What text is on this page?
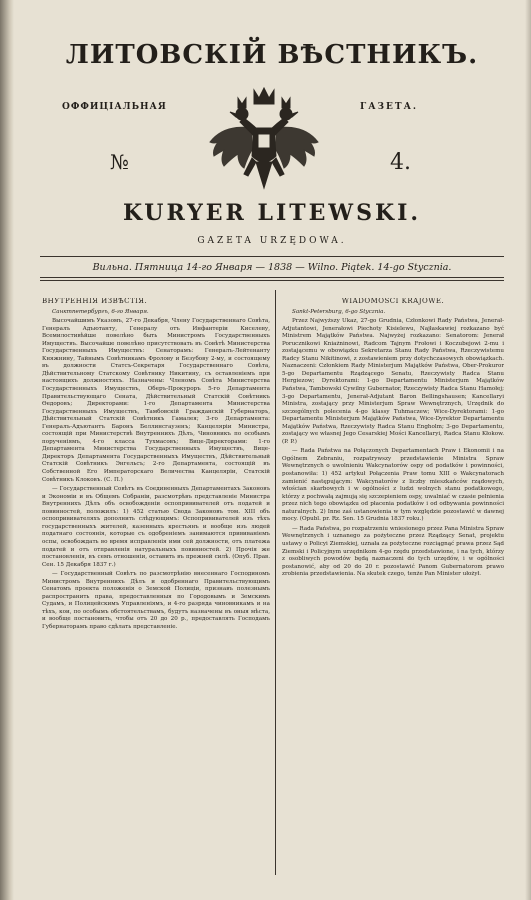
ЛИТОВСКІЙ ВѢСТНИКЪ.
ОФФИЦІАЛЬНАЯ	ГАЗЕТА.
№	4.
KURYER LITEWSKI.
GAZETA URZĘDOWA.
Вильна. Пятница 14-го Января — 1838 — Wilno. Piątek. 14-go Stycznia.
ВНУТРЕННІЯ ИЗВѢСТІЯ.

Санктпетербургъ, 6-го Января.

Высочайшимъ Указомъ, 27-го Декабря, Члену Государственнаго Совѣта, Генералъ Адъютанту, Генералу отъ Инфантеріи Киселеву, Всемилостивѣйше повелѣно быть Министромъ Государственныхъ Имуществъ. Высочайше повелѣно присутствовать въ Совѣтѣ Министерства Государственныхъ Имуществъ: Сенаторамъ: Генералъ-Лейтенанту Княжнину, Тайнымъ Совѣтникамъ Фролову и Безубову 2-му, и состоящему въ должности Статсъ-Секретаря Государственнаго Совѣта, Дѣйствительному Статскому Совѣтнику Никитину, съ оставленіемъ при настоящихъ должностяхъ. Назначены: Членомъ Совѣта Министерства Государственныхъ Имуществъ, Оберъ-Прокуроръ 5-го Департамента Правительствующаго Сената, Дѣйствительный Статскій Совѣтникъ Ѳедоровъ; Директорами: 1-го Департамента Министерства Государственныхъ Имуществъ, Тамбовскій Гражданскій Губернаторъ, Дѣйствительный Статскій Совѣтникъ Гамалея; 3-го Департамента: Генералъ-Адъютантъ Баронъ Беллинсгаузенъ; Канцеляріи Министра, состоящій при Министерствѣ Внутреннихъ Дѣлъ, Чиновникъ по особымъ порученіямъ, 4-го класса Тухмасовъ; Вице-Директорами: 1-го Департамента Министерства Государственныхъ Имуществъ, Вице-Директоръ Департамента Государственныхъ Имуществъ, Дѣйствительный Статскій Совѣтникъ Энгельсъ; 2-го Департамента, состоящій въ Собственной Его Императорскаго Величества Канцеляріи, Статскій Совѣтникъ Клоковъ. (С. П.)

— Государственный Совѣтъ въ Соединенныхъ Департаментахъ Законовъ и Экономіи и въ Общемъ Собраніи, разсмотрѣвъ представленіе Министра Внутреннихъ Дѣлъ объ освобожденіи оспопрививателей отъ податей и повинностей, положилъ: 1) 452 статью Свода Законовъ том. XIII объ оспопрививателяхъ дополнить слѣдующимъ: Оспопрививателей изъ тѣхъ государственныхъ жителей, казенныхъ крестьянъ и вообще изъ людей податнаго состоянія, которые съ одобреніемъ занимаются прививаніемъ оспы, освобождать во время исправленія ими сей должности, отъ платежа податей и отъ отправленія натуральныхъ повинностей. 2) Прочія же постановленія, въ семъ отношеніи, оставить въ прежней силѣ. (Опуб. Прав. Сен. 15 Декабря 1837 г.)

— Государственный Совѣтъ по разсмотрѣнію внесеннаго Господиномъ Министромъ Внутреннихъ Дѣлъ и одобреннаго Правительствующимъ Сенатомъ проекта положенія о Земской Полиціи, признавъ полезнымъ распространить права, предоставленныя по Городовымъ и Земскимъ Судамъ, и Полицейскимъ Управленіямъ, и 4-го разряда чиновникамъ и на тѣхъ, кои, по особымъ обстоятельствамъ, будутъ назначены въ оныя мѣста, и вообще постановить, чтобы отъ 20 до 20 р., предоставлять Господамъ Губернаторамъ право сдѣлать представленіе.

WIADOMOŚCI KRAJOWE.

Sankt-Petersburg, 6-go Stycznia.

Przez Najwyższy Ukaz, 27-go Grudnia, Członkowi Rady Państwa, Jenerał-Adjutantowi, Jenerałowi Piechoty Kisielewu, Najłaskawiej rozkazano być Ministrem Majątków Państwa. Najwyżej rozkazano: Senatorom: Jenerał Porucznikowi Kniażninowi, Radcom Tajnym Frołowi i Koczubejowi 2-mu i zostającemu w obowiązku Sekretarza Stanu Rady Państwa, Rzeczywistemu Radcy Stanu Nikitinowi, z zostawieniem przy dotychczasowych obowiązkach. Naznaczeni: Członkiem Rady Ministerjum Majątków Państwa, Ober-Prokuror 5-go Departamentu Rządzącego Senatu, Rzeczywisty Radca Stanu Hergiezow; Dyrektorami: 1-go Departamentu Ministerjum Majątków Państwa, Tambowski Cywilny Gubernator, Rzeczywisty Radca Stanu Hamołej; 3-go Departamentu, Jenerał-Adjutant Baron Bellingshausen; Kancellaryi Ministra, zostający przy Ministerjum Spraw Wewnętrznych, Urzędnik do szczególnych polecenia 4-go klassy Tuhmaczew; Wice-Dyrektorami: 1-go Departamentu Ministerjum Majątków Państwa, Wice-Dyrektor Departamentu Majątków Państwa, Rzeczywisty Radca Stanu Engholm; 3-go Departamentu, zostający we własnej Jego Cesarskiej Mości Kancellaryi, Radca Stanu Kłokow. (P. P.)

— Rada Państwa na Połączonych Departamentach Praw i Ekonomii i na Ogólnem Zebraniu, rozpatrywszy przedstawienie Ministra Spraw Wewnętrznych o uwolnieniu Wakcynatorów ospy od podatków i powinności, postanowiła: 1) 452 artykuł Połączenia Praw tomu XIII o Wakcynatorach zamienić następującym: Wakcynatorów z liczby mieszkańców rządowych, włościan skarbowych i w ogólności z ludzi wolnych stanu podatkowego, którzy z pochwałą zajmują się szczepieniem ospy, uwalniać w czasie pełnienia przez nich tego obowiązku od płacenia podatków i od odbywania powinności naturalnych. 2) Inne zaś ustanowienia w tym względzie pozostawić w dawnej mocy. (Opubl. pr. Rz. Sen. 15 Grudnia 1837 roku.)

— Rada Państwa, po rozpatrzeniu wniesionego przez Pana Ministra Spraw Wewnętrznych i uznanego za pożyteczne przez Rządzący Senat, projektu ustawy o Policyi Ziemskiej, uznała za pożyteczne rozciągnąć prawa przez Sąd Ziemski i Policyjnym urzędnikom 4-go rzędu przedstawione, i na tych, którzy z osobliwych powodów będą naznaczeni do tych urzędów, i w ogólności postanowić, aby od 20 do 20 r. pozostawić Panom Gubernatorom prawo zrobienia przedstawienia. Na skutek czego, tenże Pan Minister ułożył.
